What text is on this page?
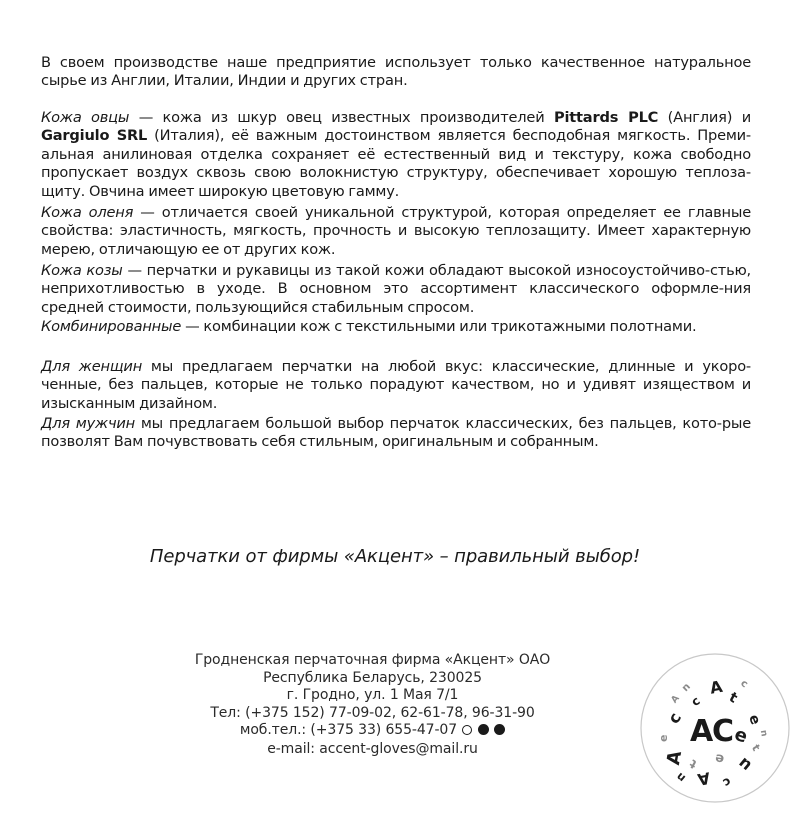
В своем производстве наше предприятие использует только качественное натуральное сырье из Англии, Италии, Индии и других стран.

Кожа овцы — кожа из шкур овец известных производителей Pittards PLC (Англия) и Gargiulo SRL (Италия), её важным достоинством является бесподобная мягкость. Преми-альная анилиновая отделка сохраняет её естественный вид и текстуру, кожа свободно пропускает воздух сквозь свою волокнистую структуру, обеспечивает хорошую теплоза-щиту. Овчина имеет широкую цветовую гамму.

Кожа оленя — отличается своей уникальной структурой, которая определяет ее главные свойства: эластичность, мягкость, прочность и высокую теплозащиту. Имеет характерную мерею, отличающую ее от других кож.

Кожа козы — перчатки и рукавицы из такой кожи обладают высокой износоустойчиво-стью, неприхотливостью в уходе. В основном это ассортимент классического оформле-ния средней стоимости, пользующийся стабильным спросом.

Комбинированные — комбинации кож с текстильными или трикотажными полотнами.

Для женщин мы предлагаем перчатки на любой вкус: классические, длинные и укоро-ченные, без пальцев, которые не только порадуют качеством, но и удивят изяществом и изысканным дизайном.

Для мужчин мы предлагаем большой выбор перчаток классических, без пальцев, кото-рые позволят Вам почувствовать себя стильным, оригинальным и собранным.

Перчатки от фирмы «Акцент» – правильный выбор!
Гродненская перчаточная фирма «Акцент» ОАО
Республика Беларусь, 230025
г. Гродно, ул. 1 Мая 7/1
Тел: (+375 152) 77-09-02, 62-61-78, 96-31-90
моб.тел.: (+375 33) 655-47-07
e-mail: accent-gloves@mail.ru	A
C
e
c
A	n
A
t
c
e
A c
n
e
n
t
c
t e
A
n
